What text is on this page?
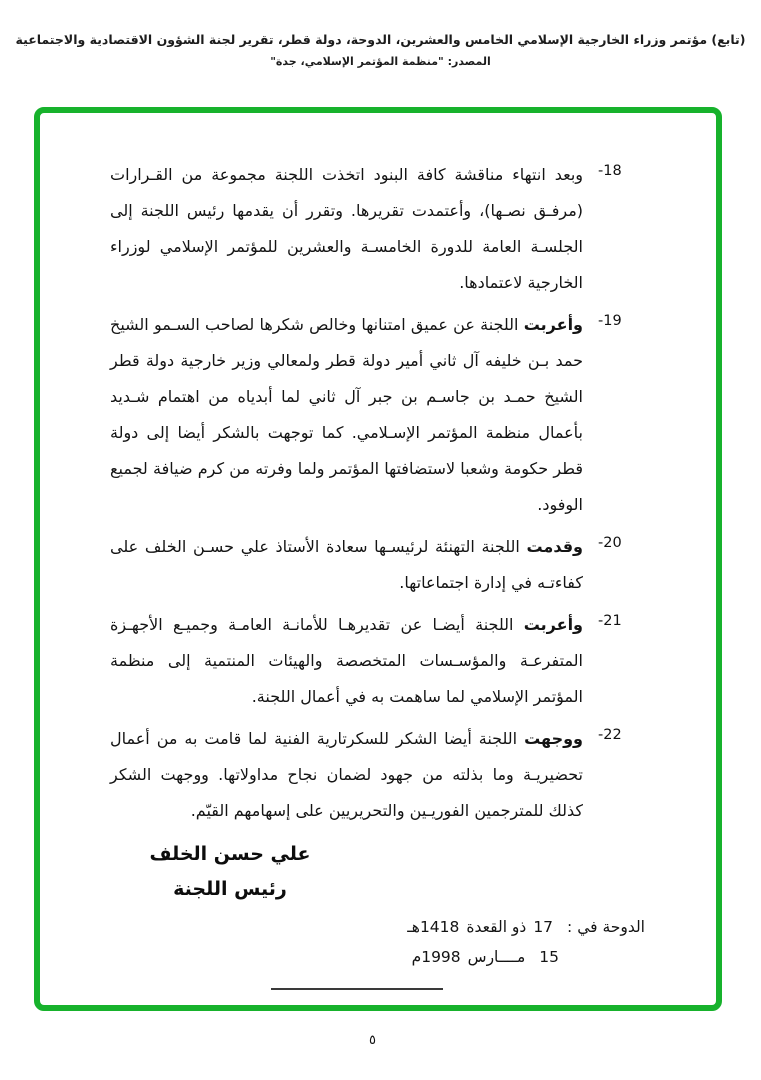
(تابع) مؤتمر وزراء الخارجية الإسلامي الخامس والعشرين، الدوحة، دولة قطر، تقرير لجنة الشؤون الاقتصادية والاجتماعية
المصدر: "منظمة المؤتمر الإسلامي، جدة"
-18
وبعد انتهاء مناقشة كافة البنود اتخذت اللجنة مجموعة من القـرارات (مرفـق نصـها)، وأعتمدت تقريرها. وتقرر أن يقدمها رئيس اللجنة إلى الجلسـة العامة للدورة الخامسـة والعشرين للمؤتمر الإسلامي لوزراء الخارجية لاعتمادها.
-19
وأعربت اللجنة عن عميق امتنانها وخالص شكرها لصاحب السـمو الشيخ حمد بـن خليفه آل ثاني أمير دولة قطر ولمعالي وزير خارجية دولة قطر الشيخ حمـد بن جاسـم بن جبر آل ثاني لما أبدياه من اهتمام شـديد بأعمال منظمة المؤتمر الإسـلامي. كما توجهت بالشكر أيضا إلى دولة قطر حكومة وشعبا لاستضافتها المؤتمر ولما وفرته من كرم ضيافة لجميع الوفود.
-20
وقدمت اللجنة التهنئة لرئيسـها سعادة الأستاذ علي حسـن الخلف على كفاءتـه في إدارة اجتماعاتها.
-21
وأعربت اللجنة أيضـا عن تقديرهـا للأمانـة العامـة وجميـع الأجهـزة المتفرعـة والمؤسـسات المتخصصة والهيئات المنتمية إلى منظمة المؤتمر الإسلامي لما ساهمت به في أعمال اللجنة.
-22
ووجهت اللجنة أيضا الشكر للسكرتارية الفنية لما قامت به من أعمال تحضيريـة وما بذلته من جهود لضمان نجاح مداولاتها. ووجهت الشكر كذلك للمترجمين الفوريـين والتحريريين على إسهامهم القيّم.
علي حسن الخلف
رئيس اللجنة
الدوحة في :17ذو القعدة1418هـ
15مــــارس1998م
٥
